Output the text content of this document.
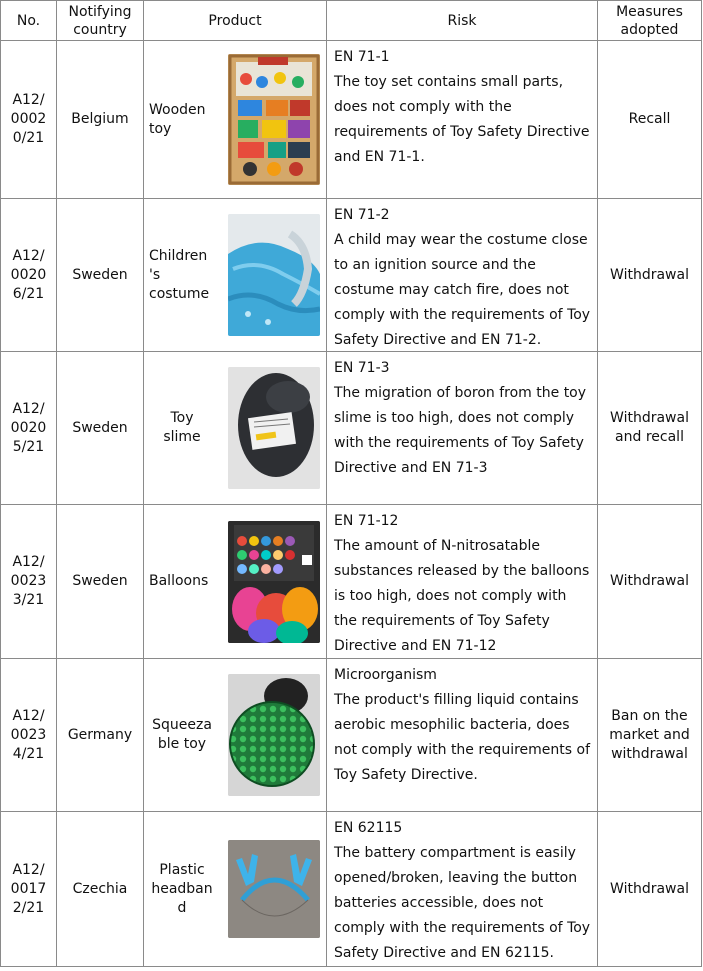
No.
Notifying
country
Product	Risk
Measures
adopted
A12/
0002
0/21
Belgium
Wooden
toy
EN 71-1
The toy set contains small parts, does not comply with the requirements of Toy Safety Directive and EN 71-1.
Recall
A12/
0020
6/21
Sweden
Children
's
costume
EN 71-2
A child may wear the costume close to an ignition source and the costume may catch fire, does not comply with the requirements of Toy Safety Directive and EN 71-2.
Withdrawal
A12/
0020
5/21
Sweden
Toy
slime
EN 71-3
The migration of boron from the toy slime is too high, does not comply with the requirements of Toy Safety Directive and EN 71-3
Withdrawal
and recall
A12/
0023
3/21
Sweden	Balloons
EN 71-12
The amount of N-nitrosatable substances released by the balloons is too high, does not comply with the requirements of Toy Safety Directive and EN 71-12
Withdrawal
A12/
0023
4/21
Germany
Squeeza
ble toy
Microorganism
The product's filling liquid contains aerobic mesophilic bacteria, does not comply with the requirements of Toy Safety Directive.
Ban on the
market and
withdrawal
A12/
0017
2/21
Czechia
Plastic
headban
d
EN 62115
The battery compartment is easily opened/broken, leaving the button batteries accessible, does not comply with the requirements of Toy Safety Directive and EN 62115.
Withdrawal
